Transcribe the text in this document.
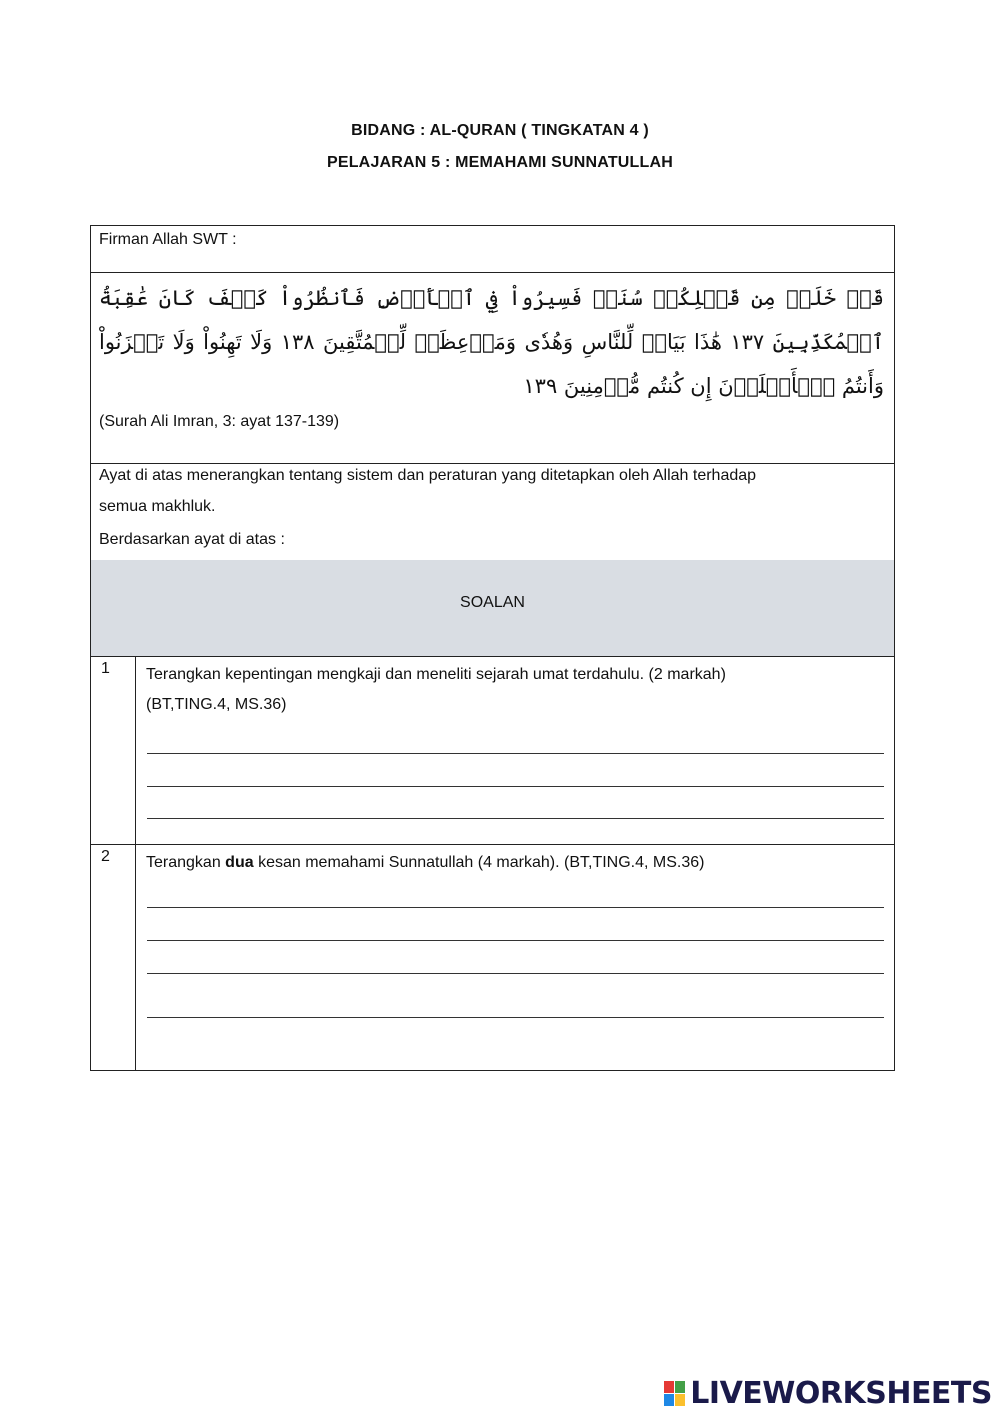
BIDANG : AL-QURAN ( TINGKATAN 4 )
PELAJARAN 5 : MEMAHAMI SUNNATULLAH
Firman Allah SWT :
قَدۡ خَلَتۡ مِن قَبۡلِكُمۡ سُنَنٞ فَسِيرُواْ فِي ٱلۡأَرۡضِ فَٱنظُرُواْ كَيۡفَ كَانَ عَٰقِبَةُ ٱلۡمُكَذِّبِينَ ١٣٧ هَٰذَا بَيَانٞ لِّلنَّاسِ وَهُدٗى وَمَوۡعِظَةٞ لِّلۡمُتَّقِينَ ١٣٨ وَلَا تَهِنُواْ وَلَا تَحۡزَنُواْ وَأَنتُمُ ٱلۡأَعۡلَوۡنَ إِن كُنتُم مُّؤۡمِنِينَ ١٣٩
(Surah Ali Imran, 3: ayat 137-139)
Ayat di atas menerangkan tentang sistem dan peraturan yang ditetapkan oleh Allah terhadap
semua makhluk.
Berdasarkan ayat di atas :
SOALAN
1 Terangkan kepentingan mengkaji dan meneliti sejarah umat terdahulu. (2 markah)
(BT,TING.4, MS.36)
2 Terangkan dua kesan memahami Sunnatullah (4 markah). (BT,TING.4, MS.36)
LIVEWORKSHEETS
